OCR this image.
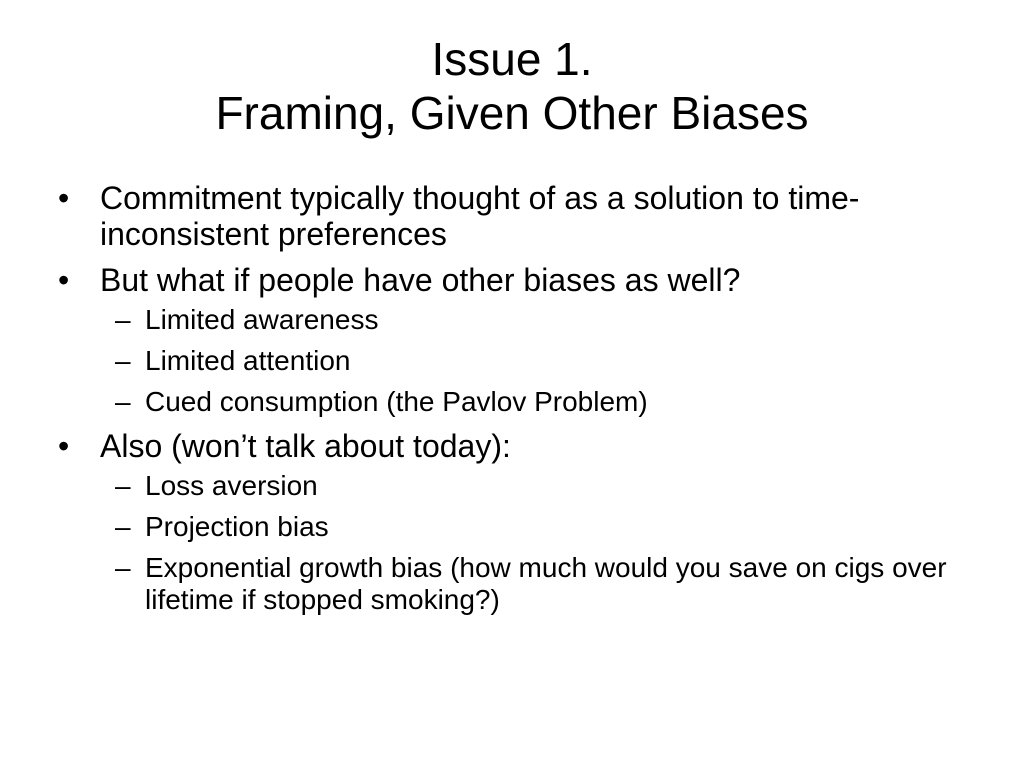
Issue 1.
Framing, Given Other Biases
• Commitment typically thought of as a solution to time-inconsistent preferences
• But what if people have other biases as well?
– Limited awareness
– Limited attention
– Cued consumption (the Pavlov Problem)
• Also (won’t talk about today):
– Loss aversion
– Projection bias
– Exponential growth bias (how much would you save on cigs over lifetime if stopped smoking?)
